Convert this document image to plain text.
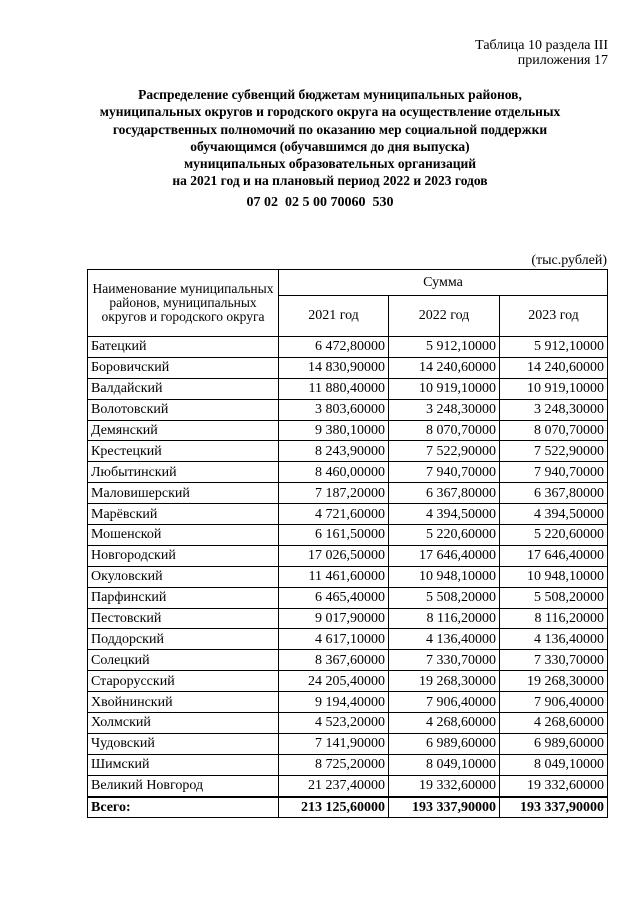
Таблица 10 раздела III
приложения 17
Распределение субвенций бюджетам муниципальных районов,
муниципальных округов и городского округа на осуществление отдельных
государственных полномочий по оказанию мер социальной поддержки
обучающимся (обучавшимся до дня выпуска)
муниципальных образовательных организаций
на 2021 год и на плановый период 2022 и 2023 годов
07 02  02 5 00 70060  530
(тыс.рублей)
Наименование муниципальных районов, муниципальных округов и городского округа	Сумма		
	2021 год	2022 год	2023 год
Батецкий	6 472,80000	5 912,10000	5 912,10000
Боровичский	14 830,90000	14 240,60000	14 240,60000
Валдайский	11 880,40000	10 919,10000	10 919,10000
Волотовский	3 803,60000	3 248,30000	3 248,30000
Демянский	9 380,10000	8 070,70000	8 070,70000
Крестецкий	8 243,90000	7 522,90000	7 522,90000
Любытинский	8 460,00000	7 940,70000	7 940,70000
Маловишерский	7 187,20000	6 367,80000	6 367,80000
Марёвский	4 721,60000	4 394,50000	4 394,50000
Мошенской	6 161,50000	5 220,60000	5 220,60000
Новгородский	17 026,50000	17 646,40000	17 646,40000
Окуловский	11 461,60000	10 948,10000	10 948,10000
Парфинский	6 465,40000	5 508,20000	5 508,20000
Пестовский	9 017,90000	8 116,20000	8 116,20000
Поддорский	4 617,10000	4 136,40000	4 136,40000
Солецкий	8 367,60000	7 330,70000	7 330,70000
Старорусский	24 205,40000	19 268,30000	19 268,30000
Хвойнинский	9 194,40000	7 906,40000	7 906,40000
Холмский	4 523,20000	4 268,60000	4 268,60000
Чудовский	7 141,90000	6 989,60000	6 989,60000
Шимский	8 725,20000	8 049,10000	8 049,10000
Великий Новгород	21 237,40000	19 332,60000	19 332,60000
Всего:	213 125,60000	193 337,90000	193 337,90000
